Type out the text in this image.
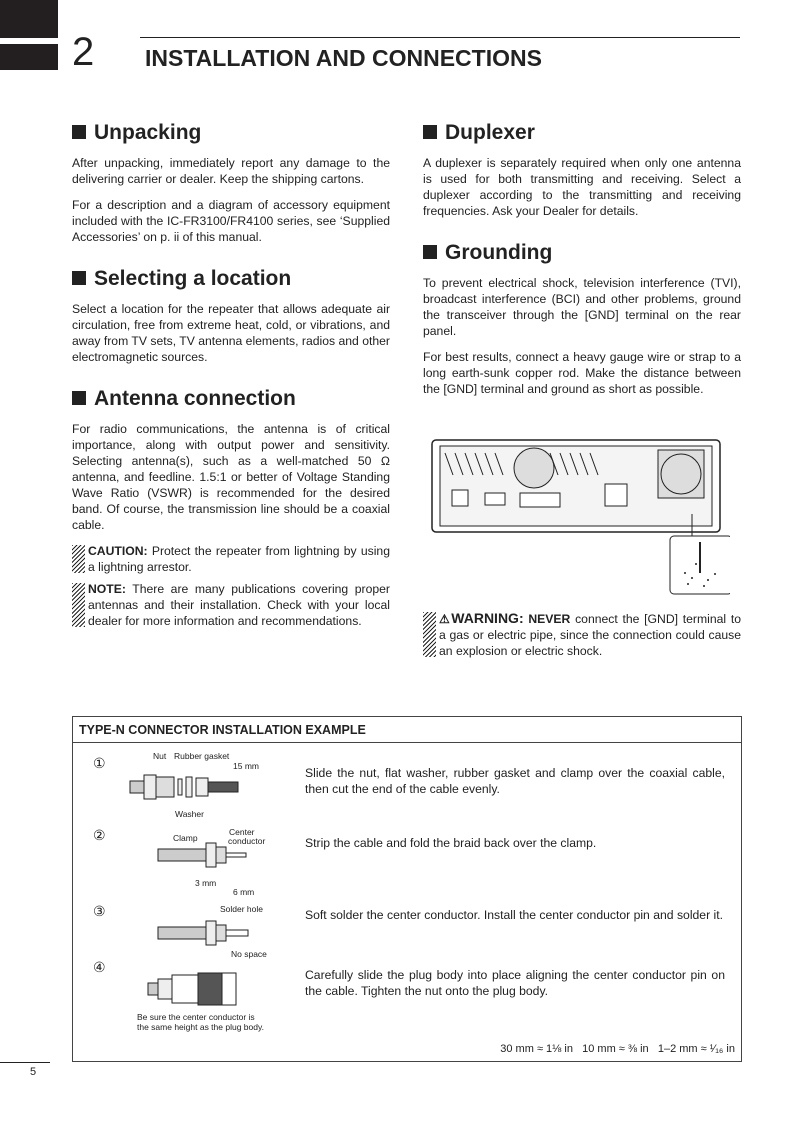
2 INSTALLATION AND CONNECTIONS
Unpacking

After unpacking, immediately report any damage to the delivering carrier or dealer. Keep the shipping cartons.

For a description and a diagram of accessory equipment included with the IC-FR3100/FR4100 series, see ‘Supplied Accessories’ on p. ii of this manual.

Selecting a location

Select a location for the repeater that allows adequate air circulation, free from extreme heat, cold, or vibrations, and away from TV sets, TV antenna elements, radios and other electromagnetic sources.

Antenna connection

For radio communications, the antenna is of critical importance, along with output power and sensitivity. Selecting antenna(s), such as a well-matched 50 Ω antenna, and feedline. 1.5:1 or better of Voltage Standing Wave Ratio (VSWR) is recommended for the desired band. Of course, the transmission line should be a coaxial cable.

CAUTION: Protect the repeater from lightning by using a lightning arrestor.
NOTE: There are many publications covering proper antennas and their installation. Check with your local dealer for more information and recommendations.
Duplexer

A duplexer is separately required when only one antenna is used for both transmitting and receiving. Select a duplexer according to the transmitting and receiving frequencies. Ask your Dealer for details.

Grounding

To prevent electrical shock, television interference (TVI), broadcast interference (BCI) and other problems, ground the transceiver through the [GND] terminal on the rear panel.

For best results, connect a heavy gauge wire or strap to a long earth-sunk copper rod. Make the distance between the [GND] terminal and ground as short as possible.

⚠WARNING: NEVER connect the [GND] terminal to a gas or electric pipe, since the connection could cause an explosion or electric shock.
TYPE-N CONNECTOR INSTALLATION EXAMPLE
①
②
③
④
Slide the nut, flat washer, rubber gasket and clamp over the coaxial cable, then cut the end of the cable evenly.
Strip the cable and fold the braid back over the clamp.
Soft solder the center conductor. Install the center conductor pin and solder it.
Carefully slide the plug body into place aligning the center conductor pin on the cable. Tighten the nut onto the plug body.
Nut Rubber gasket
15 mm
Washer
Clamp
Center
conductor
3 mm
6 mm
Solder hole
No space
Be sure the center conductor is
the same height as the plug body.
30 mm ≈ 1⅛ in   10 mm ≈ ⅜ in   1–2 mm ≈ ¹⁄₁₆ in
5
